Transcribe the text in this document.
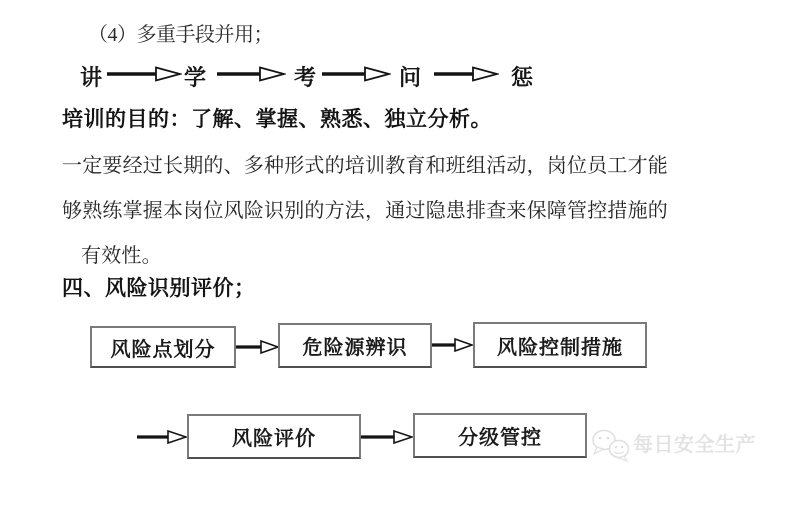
（4）多重手段并用；

讲	学	考	问	惩

培训的目的：了解、掌握、熟悉、独立分析。

一定要经过长期的、多种形式的培训教育和班组活动，岗位员工才能

够熟练掌握本岗位风险识别的方法，通过隐患排查来保障管控措施的

有效性。

四、风险识别评价；

风险点划分	危险源辨识	风险控制措施
风险评价	分级管控	每日安全生产
